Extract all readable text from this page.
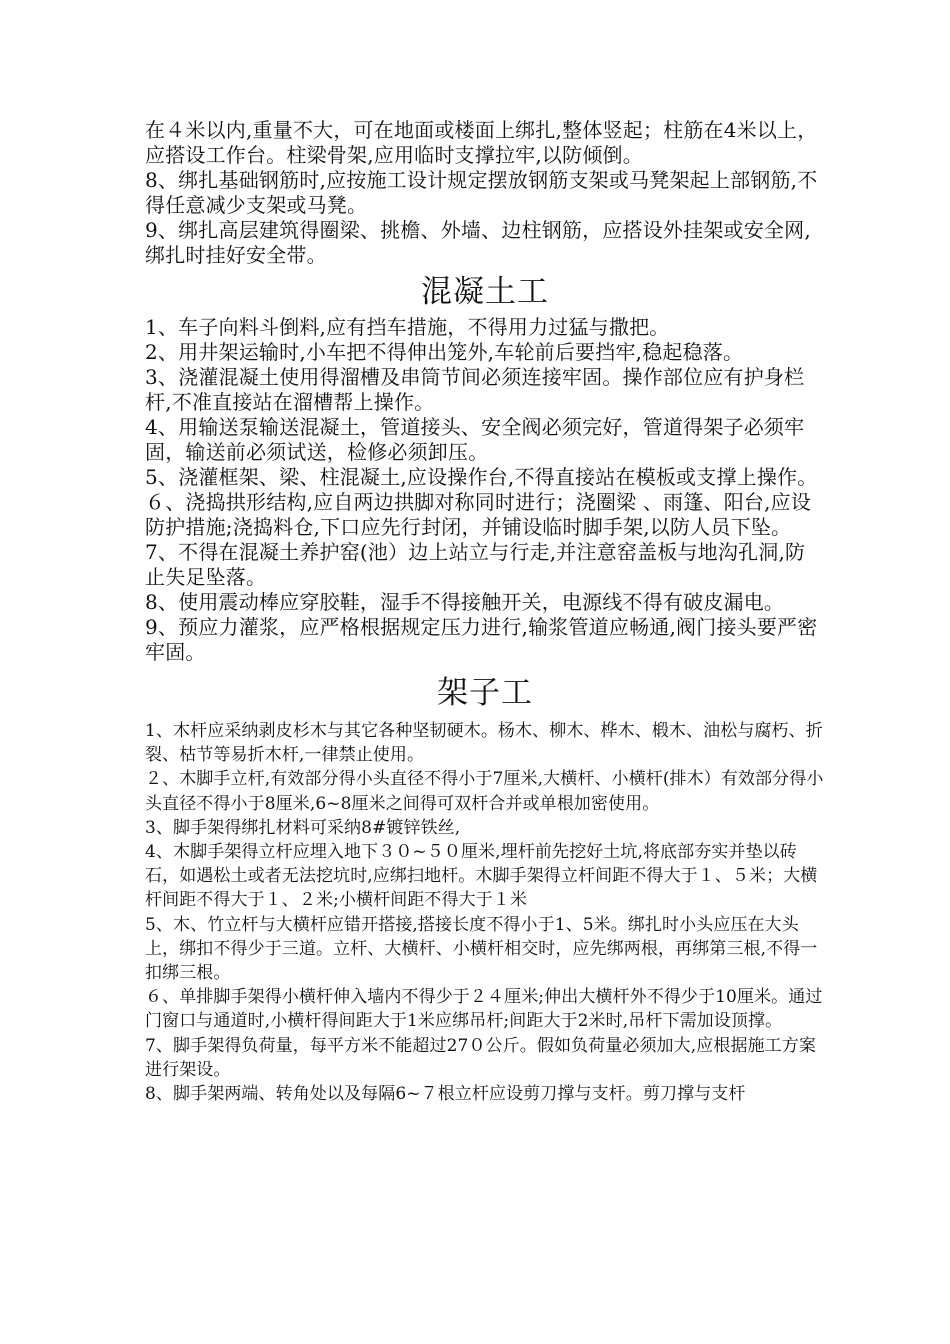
在４米以内,重量不大，可在地面或楼面上绑扎,整体竖起；柱筋在4米以上，应搭设工作台。柱梁骨架,应用临时支撑拉牢,以防倾倒。

8、绑扎基础钢筋时,应按施工设计规定摆放钢筋支架或马凳架起上部钢筋,不得任意减少支架或马凳。

9、绑扎高层建筑得圈梁、挑檐、外墙、边柱钢筋，应搭设外挂架或安全网,绑扎时挂好安全带。

混凝土工

1、车子向料斗倒料,应有挡车措施，不得用力过猛与撒把。

2、用井架运输时,小车把不得伸出笼外,车轮前后要挡牢,稳起稳落。

3、浇灌混凝土使用得溜槽及串筒节间必须连接牢固。操作部位应有护身栏杆,不准直接站在溜槽帮上操作。

4、用输送泵输送混凝土，管道接头、安全阀必须完好，管道得架子必须牢固，输送前必须试送，检修必须卸压。

5、浇灌框架、梁、柱混凝土,应设操作台,不得直接站在模板或支撑上操作。

６、浇捣拱形结构,应自两边拱脚对称同时进行；浇圈梁 、雨篷、阳台,应设防护措施;浇捣料仓,下口应先行封闭，并铺设临时脚手架,以防人员下坠。

7、不得在混凝土养护窑(池）边上站立与行走,并注意窑盖板与地沟孔洞,防止失足坠落。

8、使用震动棒应穿胶鞋，湿手不得接触开关，电源线不得有破皮漏电。

9、预应力灌浆，应严格根据规定压力进行,输浆管道应畅通,阀门接头要严密牢固。

架子工

1、木杆应采纳剥皮杉木与其它各种坚韧硬木。杨木、柳木、桦木、椴木、油松与腐朽、折裂、枯节等易折木杆,一律禁止使用。

２、木脚手立杆,有效部分得小头直径不得小于7厘米,大横杆、小横杆(排木）有效部分得小头直径不得小于8厘米,6~8厘米之间得可双杆合并或单根加密使用。

3、脚手架得绑扎材料可采纳8#镀锌铁丝,

4、木脚手架得立杆应埋入地下３０~５０厘米,埋杆前先挖好土坑,将底部夯实并垫以砖石，如遇松土或者无法挖坑时,应绑扫地杆。木脚手架得立杆间距不得大于１、５米；大横杆间距不得大于１、２米;小横杆间距不得大于１米

5、木、竹立杆与大横杆应错开搭接,搭接长度不得小于1、5米。绑扎时小头应压在大头上，绑扣不得少于三道。立杆、大横杆、小横杆相交时，应先绑两根，再绑第三根,不得一扣绑三根。

６、单排脚手架得小横杆伸入墙内不得少于２４厘米;伸出大横杆外不得少于10厘米。通过门窗口与通道时,小横杆得间距大于1米应绑吊杆;间距大于2米时,吊杆下需加设顶撑。

7、脚手架得负荷量，每平方米不能超过27０公斤。假如负荷量必须加大,应根据施工方案进行架设。

8、脚手架两端、转角处以及每隔6~７根立杆应设剪刀撑与支杆。剪刀撑与支杆
